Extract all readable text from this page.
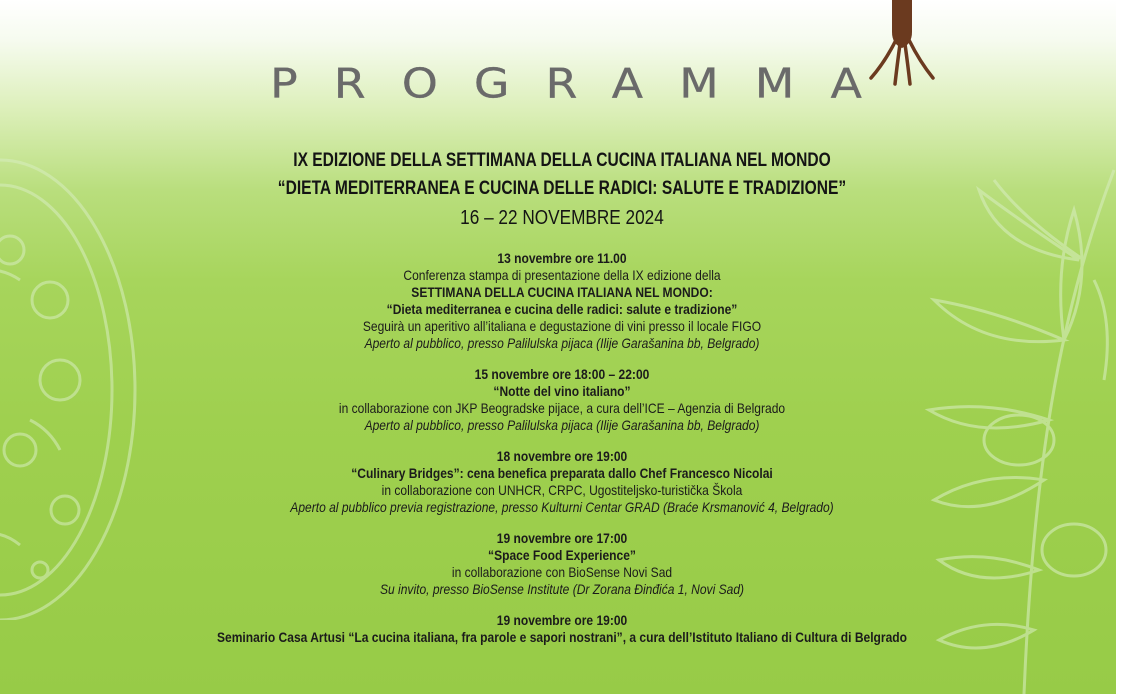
PROGRAMMA
IX EDIZIONE DELLA SETTIMANA DELLA CUCINA ITALIANA NEL MONDO
“DIETA MEDITERRANEA E CUCINA DELLE RADICI: SALUTE E TRADIZIONE”
16 – 22 NOVEMBRE 2024
13 novembre ore 11.00
Conferenza stampa di presentazione della IX edizione della
SETTIMANA DELLA CUCINA ITALIANA NEL MONDO:
“Dieta mediterranea e cucina delle radici: salute e tradizione”
Seguirà un aperitivo all’italiana e degustazione di vini presso il locale FIGO
Aperto al pubblico, presso Palilulska pijaca (Ilije Garašanina bb, Belgrado)
15 novembre ore 18:00 – 22:00
“Notte del vino italiano”
in collaborazione con JKP Beogradske pijace, a cura dell’ICE – Agenzia di Belgrado
Aperto al pubblico, presso Palilulska pijaca (Ilije Garašanina bb, Belgrado)
18 novembre ore 19:00
“Culinary Bridges”: cena benefica preparata dallo Chef Francesco Nicolai
in collaborazione con UNHCR, CRPC, Ugostiteljsko-turistička Škola
Aperto al pubblico previa registrazione, presso Kulturni Centar GRAD (Braće Krsmanović 4, Belgrado)
19 novembre ore 17:00
“Space Food Experience”
in collaborazione con BioSense Novi Sad
Su invito, presso BioSense Institute (Dr Zorana Đinđića 1, Novi Sad)
19 novembre ore 19:00
Seminario Casa Artusi “La cucina italiana, fra parole e sapori nostrani”, a cura dell’Istituto Italiano di Cultura di Belgrado
